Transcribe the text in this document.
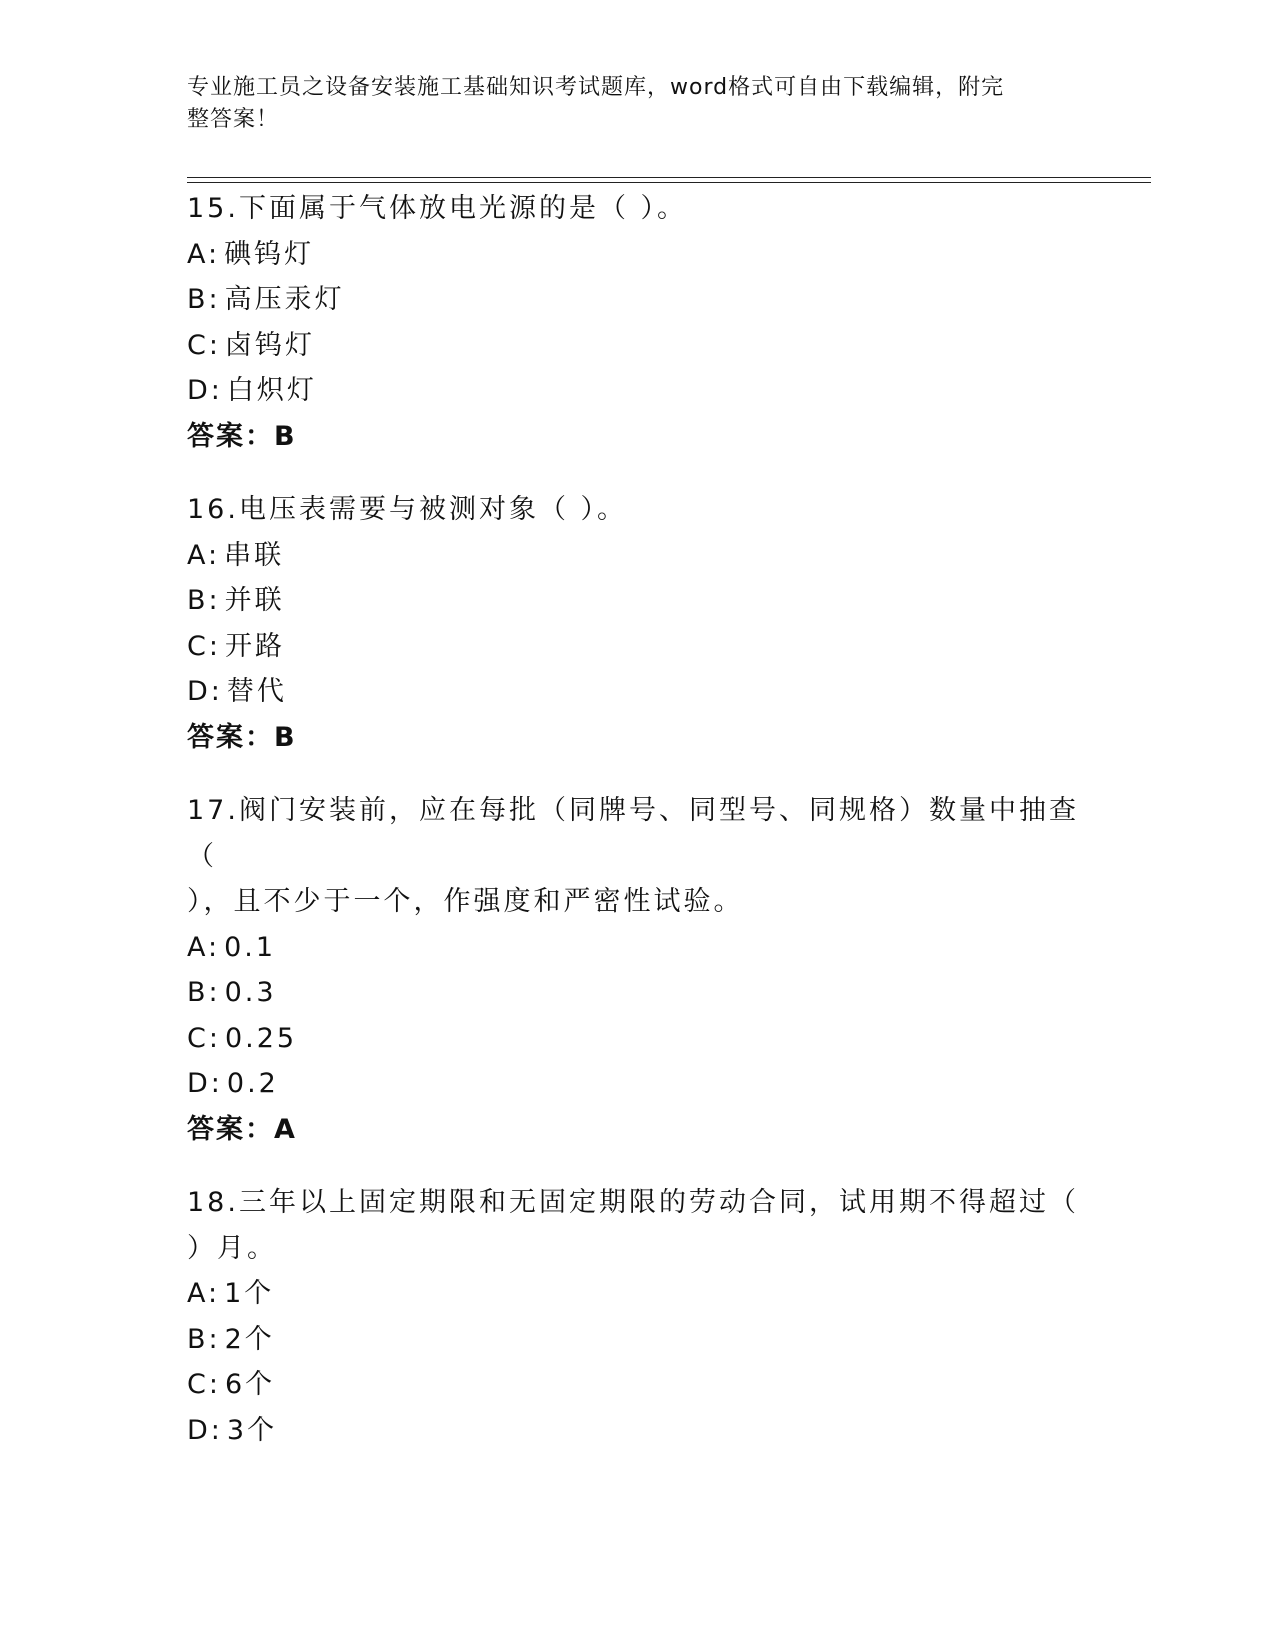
专业施工员之设备安装施工基础知识考试题库，word格式可自由下载编辑，附完
整答案！
15.下面属于气体放电光源的是（ ）。
A: 碘钨灯
B: 高压汞灯
C: 卤钨灯
D: 白炽灯
答案：B
16.电压表需要与被测对象（ ）。
A: 串联
B: 并联
C: 开路
D: 替代
答案：B
17.阀门安装前，应在每批（同牌号、同型号、同规格）数量中抽查（
），且不少于一个，作强度和严密性试验。
A: 0.1
B: 0.3
C: 0.25
D: 0.2
答案：A
18.三年以上固定期限和无固定期限的劳动合同，试用期不得超过（
）月。
A: 1个
B: 2个
C: 6个
D: 3个
